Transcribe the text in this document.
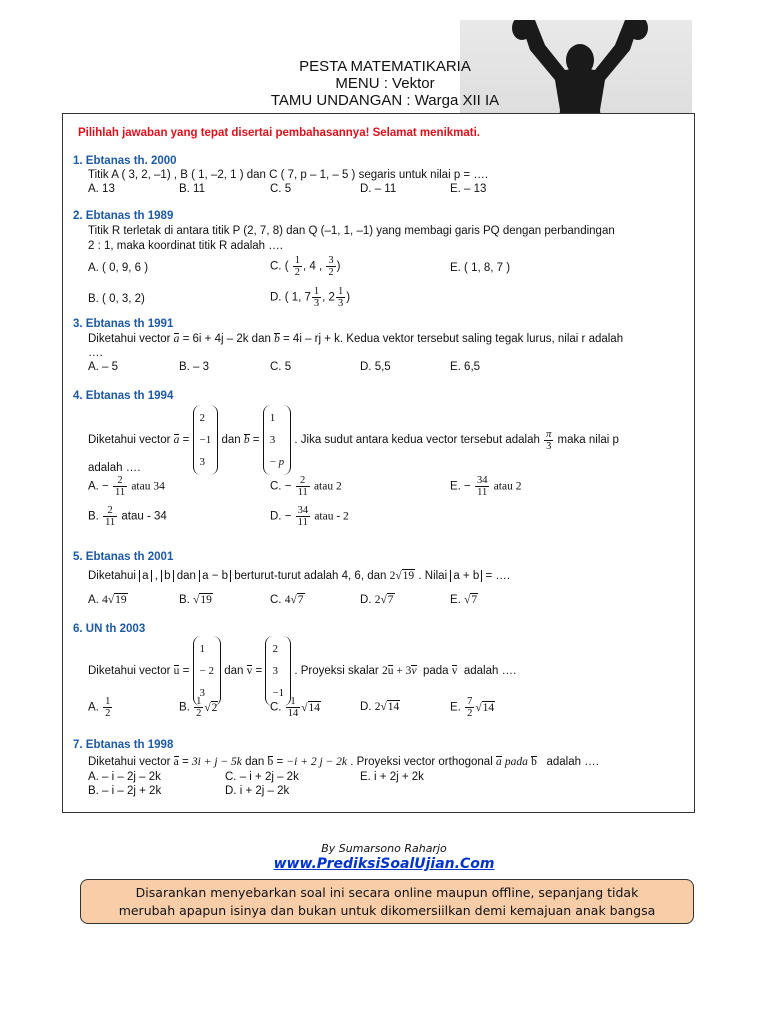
PESTA MATEMATIKARIA
MENU : Vektor
TAMU UNDANGAN : Warga XII IA
Pilihlah jawaban yang tepat disertai pembahasannya! Selamat menikmati.
1. Ebtanas th. 2000
Titik A ( 3, 2, –1) , B ( 1, –2, 1 ) dan C ( 7, p – 1, – 5 ) segaris untuk nilai p = ….
A. 13	B. 11	C. 5	D. – 11	E. – 13
2. Ebtanas th 1989
Titik R terletak di antara titik P (2, 7, 8) dan Q (–1, 1, –1) yang membagi garis PQ dengan perbandingan
2 : 1, maka koordinat titik R adalah ….
A. ( 0, 9, 6 )	C. ( $\frac{1}{2}$ , 4 , $\frac{3}{2}$ )	E. ( 1, 8, 7 )
B. ( 0, 3, 2)	D. ( 1, $7 \frac{1}{3}$ , $2 \frac{1}{3}$ )
3. Ebtanas th 1991
Diketahui vector a = 6i + 4j – 2k dan b = 4i – rj + k. Kedua vektor tersebut saling tegak lurus, nilai r adalah
….
A. – 5	B. – 3	C. 5	D. 5,5	E. 6,5
4. Ebtanas th 1994
Diketahui vector a =
2
−1
3
dan b =
1
3
− p
. Jika sudut antara kedua vector tersebut adalah $\frac{\pi}{3}$ maka nilai p
adalah ….
A. − $\frac{2}{11}$ atau 34	C. − $\frac{2}{11}$ atau 2	E. − $\frac{34}{11}$ atau 2
B. $\frac{2}{11}$ atau - 34	D. − $\frac{34}{11}$ atau - 2
5. Ebtanas th 2001
Diketahui a , b dan a − b berturut-turut adalah 4, 6, dan 2√19 . Nilai a + b = ….
A. 4√19	B. √19	C. 4√7	D. 2√7	E. √7
6. UN th 2003
Diketahui vector u =
1
− 2
3
dan v =
2
3
−1
. Proyeksi skalar 2u + 3v pada v adalah ….
A. $\frac{1}{2}$	B. $\frac{1}{2} √2$	C. $\frac{1}{14} √14$	D. 2√14	E. $\frac{7}{2} √14$
7. Ebtanas th 1998
Diketahui vector a = 3i + j − 5k dan b = −i + 2 j − 2k . Proyeksi vector orthogonal a pada b adalah ….
A. – i – 2j – 2k	C. – i + 2j – 2k	E. i + 2j + 2k
B. – i – 2j + 2k	D. i + 2j – 2k
By Sumarsono Raharjo
www.PrediksiSoalUjian.Com
Disarankan menyebarkan soal ini secara online maupun offline, sepanjang tidak
merubah apapun isinya dan bukan untuk dikomersiilkan demi kemajuan anak bangsa
